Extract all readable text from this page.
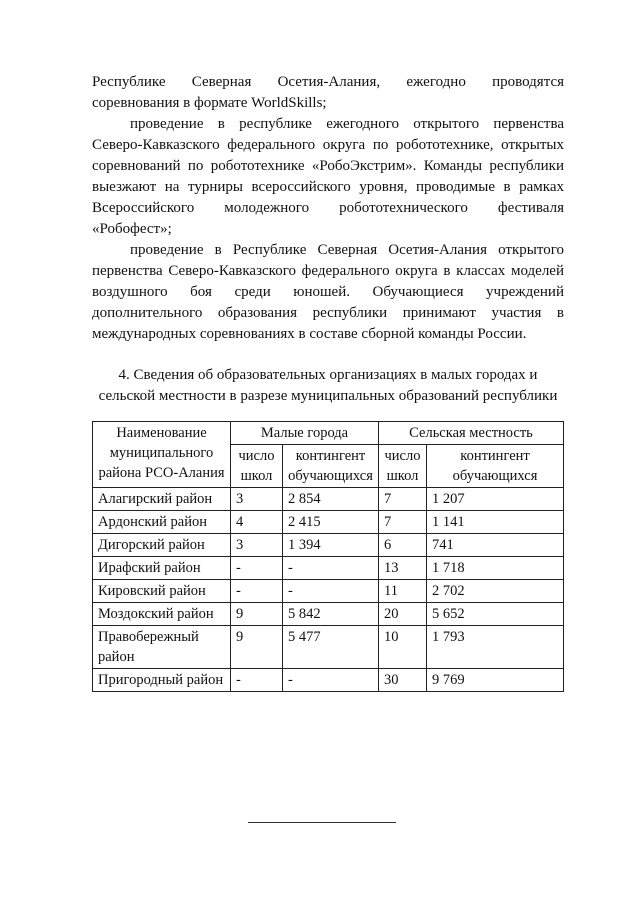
Республике Северная Осетия-Алания, ежегодно проводятся соревнования в формате WorldSkills;

проведение в республике ежегодного открытого первенства Северо-Кавказского федерального округа по робототехнике, открытых соревнований по робототехнике «РобоЭкстрим». Команды республики выезжают на турниры всероссийского уровня, проводимые в рамках Всероссийского молодежного робототехнического фестиваля «Робофест»;

проведение в Республике Северная Осетия-Алания открытого первенства Северо-Кавказского федерального округа в классах моделей воздушного боя среди юношей. Обучающиеся учреждений дополнительного образования республики принимают участия в международных соревнованиях в составе сборной команды России.

4. Сведения об образовательных организациях в малых городах и сельской местности в разрезе муниципальных образований республики

Наименование муниципального района РСО-Алания	Малые города		Сельская местность	
	число школ	контингент обучающихся	число школ	контингент обучающихся
Алагирский район	3	2 854	7	1 207
Ардонский район	4	2 415	7	1 141
Дигорский район	3	1 394	6	741
Ирафский район	-	-	13	1 718
Кировский район	-	-	11	2 702
Моздокский район	9	5 842	20	5 652
Правобережный район	9	5 477	10	1 793
Пригородный район	-	-	30	9 769
